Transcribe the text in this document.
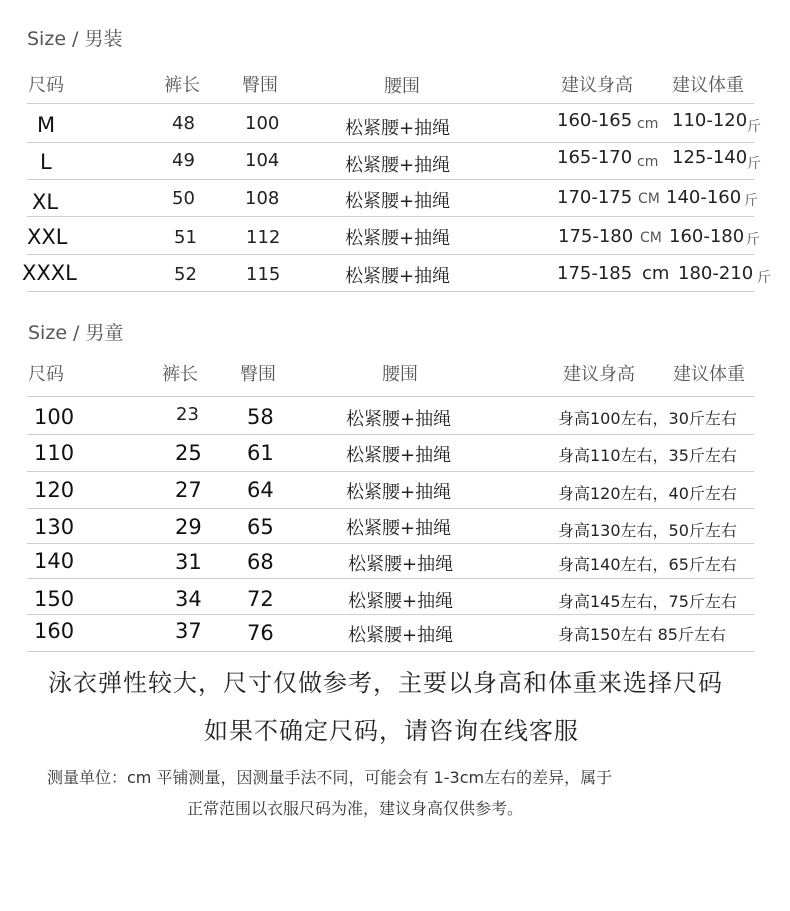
Size / 男装
尺码	裤长 臀围	腰围	建议身高 建议体重
M	48	100	松紧腰+抽绳	160-165 cm 110-120 斤
L	49	104	松紧腰+抽绳	165-170 cm 125-140 斤
XL	50	108	松紧腰+抽绳	170-175 CM 140-160 斤
XXL	51	112	松紧腰+抽绳	175-180 CM 160-180 斤
XXXL	52	115	松紧腰+抽绳	175-185 cm 180-210 斤
Size / 男童
尺码	裤长 臀围	腰围	建议身高 建议体重
100	23 58	松紧腰+抽绳	身高100左右，30斤左右
110	25 61	松紧腰+抽绳	身高110左右，35斤左右
120	27 64	松紧腰+抽绳	身高120左右，40斤左右
130	29 65	松紧腰+抽绳	身高130左右，50斤左右
140	31 68	松紧腰+抽绳	身高140左右，65斤左右
150	34 72	松紧腰+抽绳	身高145左右，75斤左右
160	37 76	松紧腰+抽绳	身高150左右 85斤左右
泳衣弹性较大，尺寸仅做参考，主要以身高和体重来选择尺码
如果不确定尺码，请咨询在线客服
测量单位：cm 平铺测量，因测量手法不同，可能会有 1-3cm左右的差异，属于
正常范围以衣服尺码为准，建议身高仅供参考。
